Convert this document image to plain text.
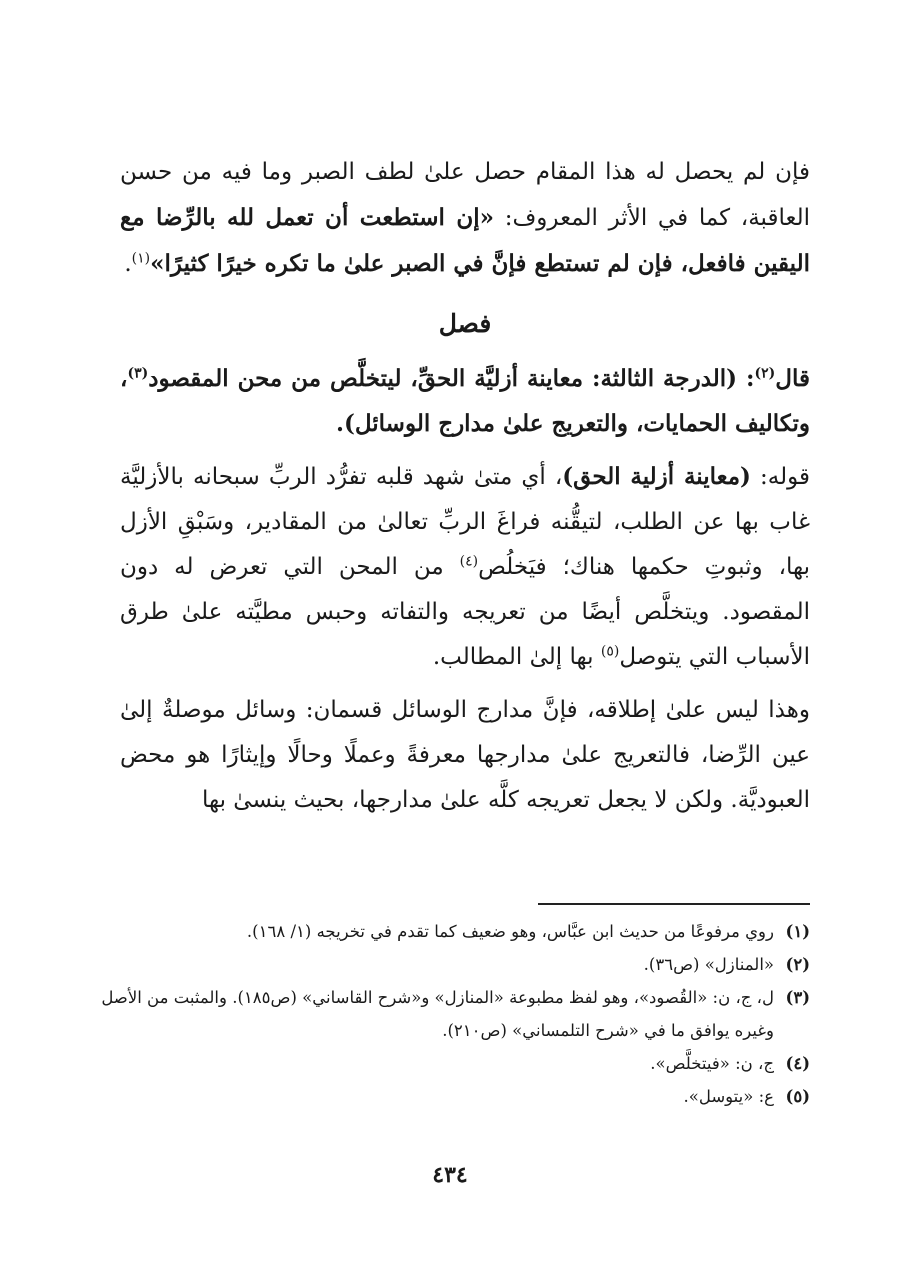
فإن لم يحصل له هذا المقام حصل علىٰ لطف الصبر وما فيه من حسن العاقبة، كما في الأثر المعروف: «إن استطعت أن تعمل لله بالرِّضا مع اليقين فافعل، فإن لم تستطع فإنَّ في الصبر علىٰ ما تكره خيرًا كثيرًا»$^{(١)}$.

فصل

قال$^{(٢)}$: (الدرجة الثالثة: معاينة أزليَّة الحقِّ، ليتخلَّص من محن المقصود$^{(٣)}$، وتكاليف الحمايات، والتعريج علىٰ مدارج الوسائل).

قوله: (معاينة أزلية الحق)، أي متىٰ شهد قلبه تفرُّد الربِّ سبحانه بالأزليَّة غاب بها عن الطلب، لتيقُّنه فراغَ الربِّ تعالىٰ من المقادير، وسَبْقِ الأزل بها، وثبوتِ حكمها هناك؛ فيَخلُص$^{(٤)}$ من المحن التي تعرض له دون المقصود. ويتخلَّص أيضًا من تعريجه والتفاته وحبس مطيَّته علىٰ طرق الأسباب التي يتوصل$^{(٥)}$ بها إلىٰ المطالب.

وهذا ليس علىٰ إطلاقه، فإنَّ مدارج الوسائل قسمان: وسائل موصلةٌ إلىٰ عين الرِّضا، فالتعريج علىٰ مدارجها معرفةً وعملًا وحالًا وإيثارًا هو محض العبوديَّة. ولكن لا يجعل تعريجه كلَّه علىٰ مدارجها، بحيث ينسىٰ بها

(١)
روي مرفوعًا من حديث ابن عبَّاس، وهو ضعيف كما تقدم في تخريجه (١/ ١٦٨).
(٢)
«المنازل» (ص٣٦).
(٣)
ل، ج، ن: «القُصود»، وهو لفظ مطبوعة «المنازل» و«شرح القاساني» (ص١٨٥). والمثبت من الأصل وغيره يوافق ما في «شرح التلمساني» (ص٢١٠).
(٤)
ج، ن: «فيتخلَّص».
(٥)
ع: «يتوسل».
٤٣٤
